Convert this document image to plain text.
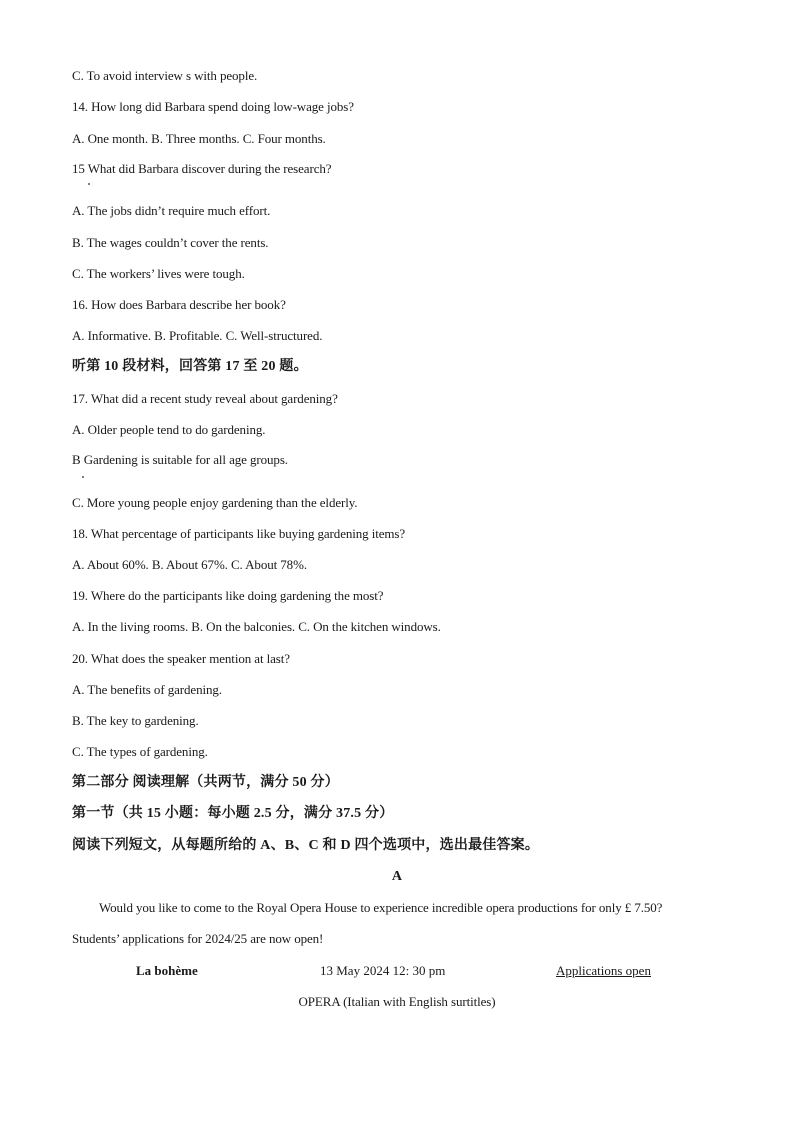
C. To avoid interview s with people.
14. How long did Barbara spend doing low-wage jobs?
A. One month. B. Three months. C. Four months.
15 What did Barbara discover during the research?
A. The jobs didn’t require much effort.
B. The wages couldn’t cover the rents.
C. The workers’ lives were tough.
16. How does Barbara describe her book?
A. Informative. B. Profitable. C. Well-structured.
听第 10 段材料，回答第 17 至 20 题。
17. What did a recent study reveal about gardening?
A. Older people tend to do gardening.
B Gardening is suitable for all age groups.
C. More young people enjoy gardening than the elderly.
18. What percentage of participants like buying gardening items?
A. About 60%. B. About 67%. C. About 78%.
19. Where do the participants like doing gardening the most?
A. In the living rooms. B. On the balconies. C. On the kitchen windows.
20. What does the speaker mention at last?
A. The benefits of gardening.
B. The key to gardening.
C. The types of gardening.
第二部分 阅读理解（共两节，满分 50 分）
第一节（共 15 小题：每小题 2.5 分，满分 37.5 分）
阅读下列短文，从每题所给的 A、B、C 和 D 四个选项中，选出最佳答案。
A
Would you like to come to the Royal Opera House to experience incredible opera productions for only £ 7.50?
Students’ applications for 2024/25 are now open!
La bohème	13 May 2024 12: 30 pm	Applications open
OPERA (Italian with English surtitles)
